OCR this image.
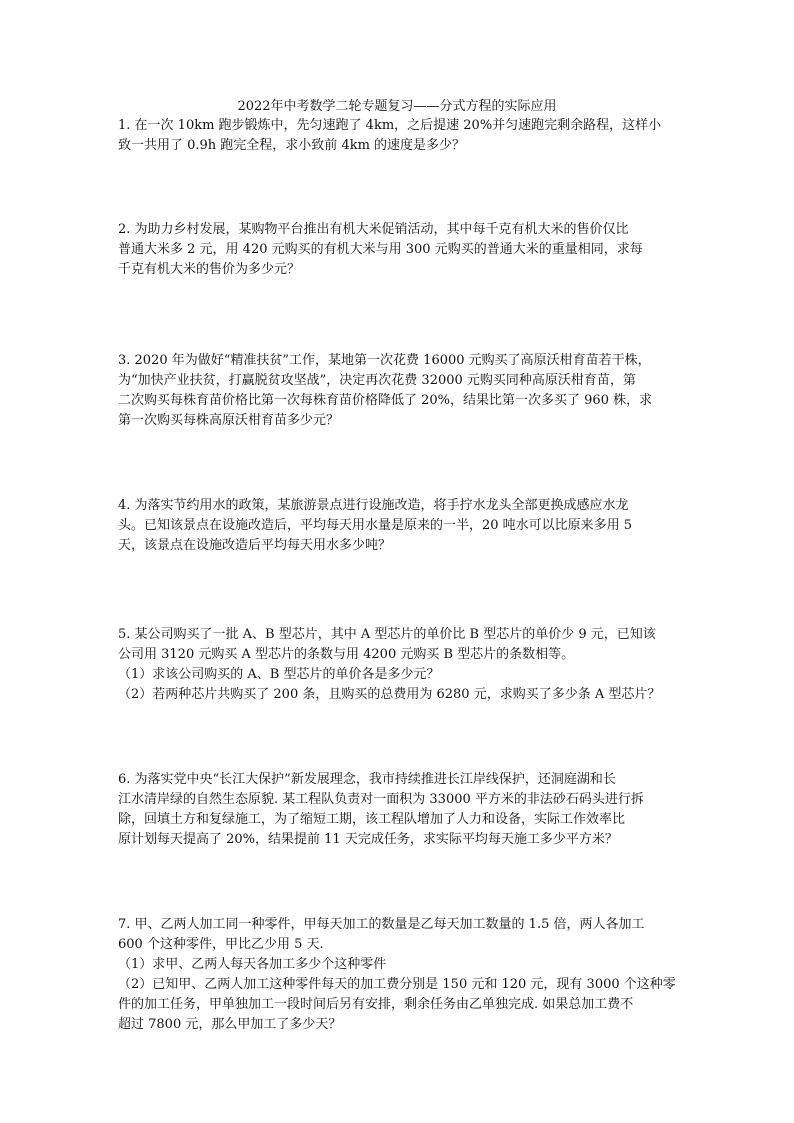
2022年中考数学二轮专题复习——分式方程的实际应用

1. 在一次 10km 跑步锻炼中，先匀速跑了 4km，之后提速 20%并匀速跑完剩余路程，这样小

致一共用了 0.9h 跑完全程，求小致前 4km 的速度是多少？

2. 为助力乡村发展，某购物平台推出有机大米促销活动，其中每千克有机大米的售价仅比

普通大米多 2 元，用 420 元购买的有机大米与用 300 元购买的普通大米的重量相同，求每

千克有机大米的售价为多少元？

3. 2020 年为做好“精准扶贫”工作，某地第一次花费 16000 元购买了高原沃柑育苗若干株，

为“加快产业扶贫，打赢脱贫攻坚战”，决定再次花费 32000 元购买同种高原沃柑育苗，第

二次购买每株育苗价格比第一次每株育苗价格降低了 20%，结果比第一次多买了 960 株，求

第一次购买每株高原沃柑育苗多少元？

4. 为落实节约用水的政策，某旅游景点进行设施改造，将手拧水龙头全部更换成感应水龙

头。已知该景点在设施改造后，平均每天用水量是原来的一半，20 吨水可以比原来多用 5

天，该景点在设施改造后平均每天用水多少吨？

5. 某公司购买了一批 A、B 型芯片，其中 A 型芯片的单价比 B 型芯片的单价少 9 元，已知该

公司用 3120 元购买 A 型芯片的条数与用 4200 元购买 B 型芯片的条数相等。

（1）求该公司购买的 A、B 型芯片的单价各是多少元？

（2）若两种芯片共购买了 200 条，且购买的总费用为 6280 元，求购买了多少条 A 型芯片？

6. 为落实党中央“长江大保护”新发展理念，我市持续推进长江岸线保护，还洞庭湖和长

江水清岸绿的自然生态原貌. 某工程队负责对一面积为 33000 平方米的非法砂石码头进行拆

除，回填土方和复绿施工，为了缩短工期，该工程队增加了人力和设备，实际工作效率比

原计划每天提高了 20%，结果提前 11 天完成任务，求实际平均每天施工多少平方米？

7. 甲、乙两人加工同一种零件，甲每天加工的数量是乙每天加工数量的 1.5 倍，两人各加工

600 个这种零件，甲比乙少用 5 天.

（1）求甲、乙两人每天各加工多少个这种零件

（2）已知甲、乙两人加工这种零件每天的加工费分别是 150 元和 120 元，现有 3000 个这种零

件的加工任务，甲单独加工一段时间后另有安排，剩余任务由乙单独完成. 如果总加工费不

超过 7800 元，那么甲加工了多少天？
